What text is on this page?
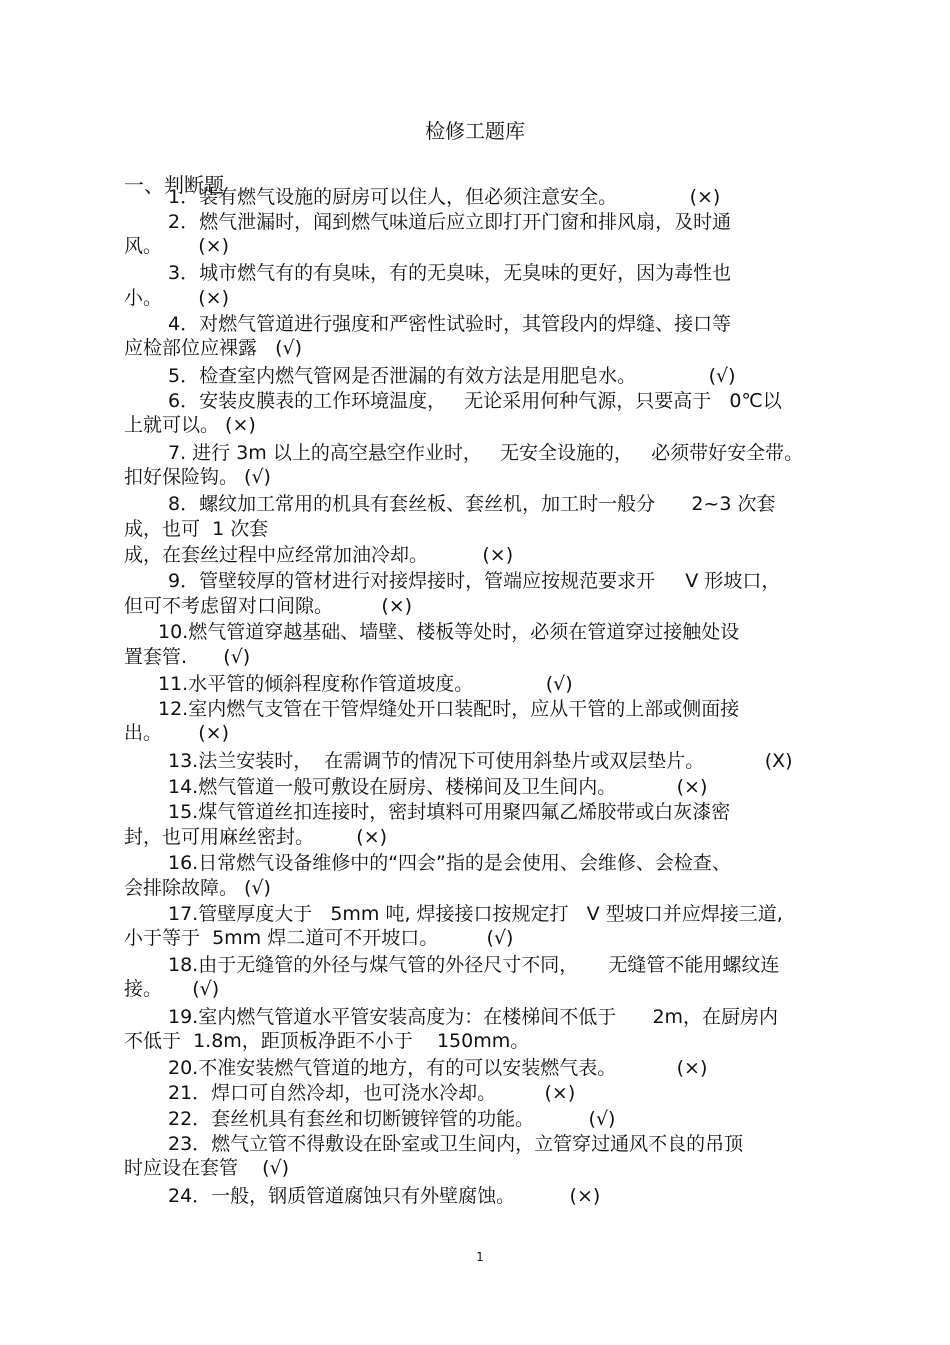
检修工题库
一、判断题
1．装有燃气设施的厨房可以住人，但必须注意安全。            (×)
2．燃气泄漏时，闻到燃气味道后应立即打开门窗和排风扇，及时通
风。      (×)
3．城市燃气有的有臭味，有的无臭味，无臭味的更好，因为毒性也
小。      (×)
4．对燃气管道进行强度和严密性试验时，其管段内的焊缝、接口等
应检部位应裸露   (√)
5．检查室内燃气管网是否泄漏的有效方法是用肥皂水。            (√)
6．安装皮膜表的工作环境温度，   无论采用何种气源，只要高于   0℃以
上就可以。 (×)
7. 进行 3m 以上的高空悬空作业时，   无安全设施的，   必须带好安全带。
扣好保险钩。 (√)
8．螺纹加工常用的机具有套丝板、套丝机，加工时一般分      2~3 次套
成，也可  1 次套
成，在套丝过程中应经常加油冷却。         (×)
9．管壁较厚的管材进行对接焊接时，管端应按规范要求开     V 形坡口，
但可不考虑留对口间隙。        (×)
10.燃气管道穿越基础、墙壁、楼板等处时，必须在管道穿过接触处设
置套管.      (√)
11.水平管的倾斜程度称作管道坡度。            (√)
12.室内燃气支管在干管焊缝处开口装配时，应从干管的上部或侧面接
出。      (×)
13.法兰安装时，  在需调节的情况下可使用斜垫片或双层垫片。          (X)
14.燃气管道一般可敷设在厨房、楼梯间及卫生间内。          (×)
15.煤气管道丝扣连接时，密封填料可用聚四氟乙烯胶带或白灰漆密
封，也可用麻丝密封。       (×)
16.日常燃气设备维修中的“四会”指的是会使用、会维修、会检查、
会排除故障。 (√)
17.管壁厚度大于   5mm 吨, 焊接接口按规定打   V 型坡口并应焊接三道,
小于等于  5mm 焊二道可不开坡口。        (√)
18.由于无缝管的外径与煤气管的外径尺寸不同，     无缝管不能用螺纹连
接。     (√)
19.室内燃气管道水平管安装高度为：在楼梯间不低于      2m，在厨房内
不低于  1.8m，距顶板净距不小于    150mm。
20.不准安装燃气管道的地方，有的可以安装燃气表。          (×)
21．焊口可自然冷却，也可浇水冷却。        (×)
22．套丝机具有套丝和切断镀锌管的功能。         (√)
23．燃气立管不得敷设在卧室或卫生间内，立管穿过通风不良的吊顶
时应设在套管    (√)
24．一般，钢质管道腐蚀只有外壁腐蚀。         (×)
1
